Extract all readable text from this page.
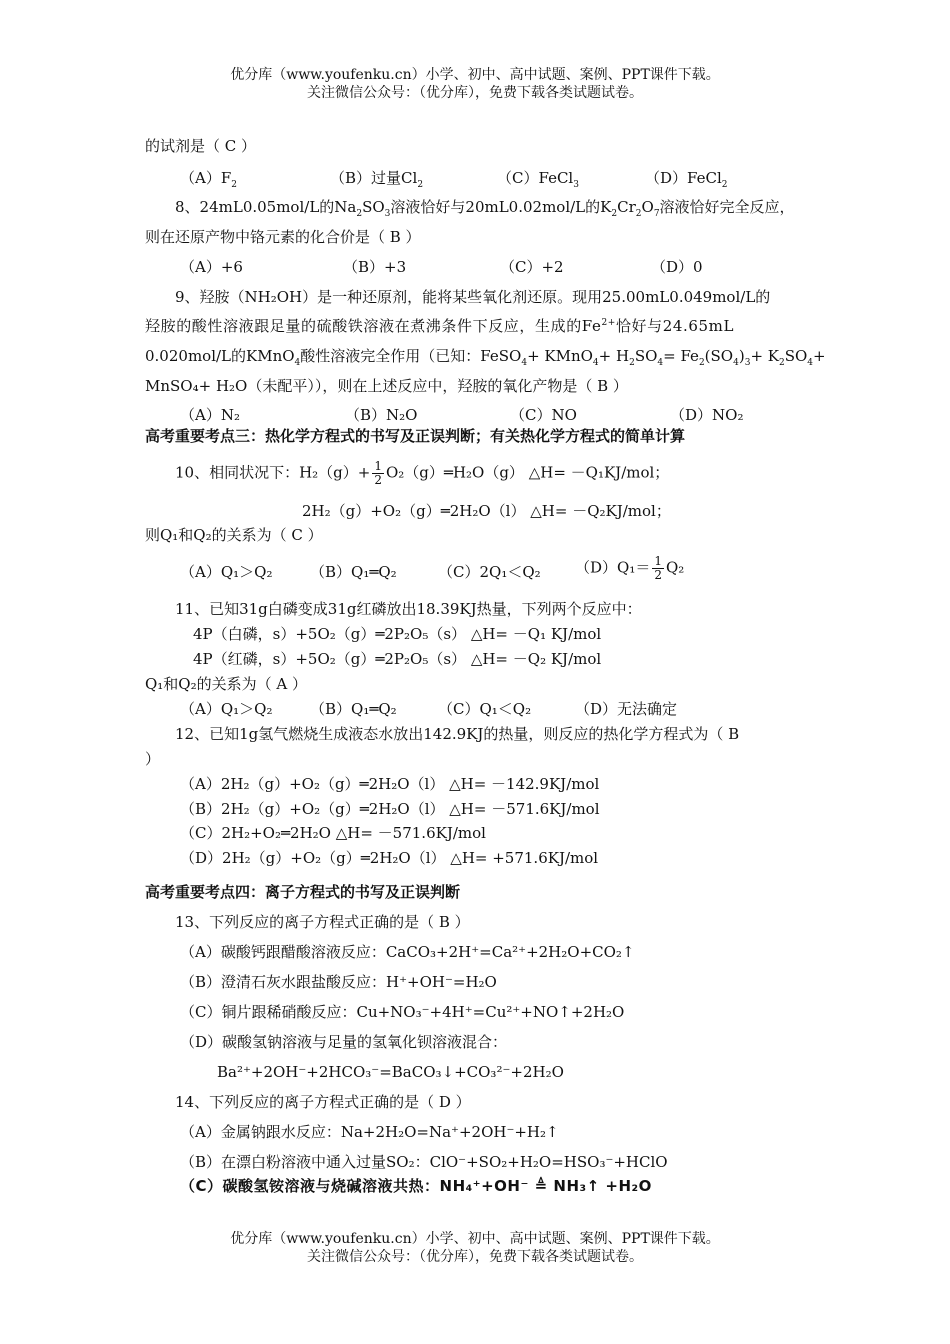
优分库（www.youfenku.cn）小学、初中、高中试题、案例、PPT课件下载。
关注微信公众号：（优分库），免费下载各类试题试卷。
的试剂是（ C ）
$(A)F_2$	（B）过量$Cl_2$	（C）FeCl$_3$	（D）FeCl$_2$
8、24mL0.05mol/L的$Na_2SO_3$溶液恰好与20mL0.02mol/L的$K_2Cr_2O_7$溶液恰好完全反应，
则在还原产物中铬元素的化合价是（ B ）
（A）+6	（B）+3	（C）+2	（D）0
9、羟胺（NH₂OH）是一种还原剂，能将某些氧化剂还原。现用25.00mL0.049mol/L的
羟胺的酸性溶液跟足量的硫酸铁溶液在煮沸条件下反应，生成的$Fe^{2+}$恰好与24.65mL
0.020mol/L的KMnO$_4$酸性溶液完全作用（已知：FeSO$_4$+ KMnO$_4$+ $H_2SO_4= Fe_2(SO_4)_3+ K_2SO_4+$
MnSO₄+ H₂O（未配平）），则在上述反应中，羟胺的氧化产物是（ B ）
（A）N₂	（B）N₂O	（C）NO	（D）NO₂
高考重要考点三：热化学方程式的书写及正误判断；有关热化学方程式的简单计算
10、相同状况下：$H_2(g)+ \frac{1}{2}$ O₂（g）═H₂O（g） △H= －Q₁KJ/mol；
2H₂（g）+O₂（g）═2H₂O（l） △H= －Q₂KJ/mol；
则Q₁和Q₂的关系为（ C ）
（A）Q₁＞Q₂	（B）Q₁═Q₂	（C）2Q₁＜Q₂ $(D)Q_1= \frac{1}{2} Q_2$
11、已知31g白磷变成31g红磷放出18.39KJ热量，下列两个反应中：
4P（白磷，s）+5O₂（g）═2P₂O₅（s） △H= －Q₁ KJ/mol
4P（红磷，s）+5O₂（g）═2P₂O₅（s） △H= －Q₂ KJ/mol
Q₁和Q₂的关系为（ A ）
（A）Q₁＞Q₂	（B）Q₁═Q₂	（C）Q₁＜Q₂	（D）无法确定
12、已知1g氢气燃烧生成液态水放出142.9KJ的热量，则反应的热化学方程式为（ B
）
（A）2H₂（g）+O₂（g）═2H₂O（l） △H= －142.9KJ/mol
（B）2H₂（g）+O₂（g）═2H₂O（l） △H= －571.6KJ/mol
（C）2H₂+O₂═2H₂O △H= －571.6KJ/mol
（D）2H₂（g）+O₂（g）═2H₂O（l） △H= +571.6KJ/mol
高考重要考点四：离子方程式的书写及正误判断
13、下列反应的离子方程式正确的是（ B ）
（A）碳酸钙跟醋酸溶液反应：CaCO₃+2H⁺=Ca²⁺+2H₂O+CO₂↑
（B）澄清石灰水跟盐酸反应：H⁺+OH⁻=H₂O
（C）铜片跟稀硝酸反应：Cu+NO₃⁻+4H⁺=Cu²⁺+NO↑+2H₂O
（D）碳酸氢钠溶液与足量的氢氧化钡溶液混合：
Ba²⁺+2OH⁻+2HCO₃⁻=BaCO₃↓+CO₃²⁻+2H₂O
14、下列反应的离子方程式正确的是（ D ）
（A）金属钠跟水反应：Na+2H₂O=Na⁺+2OH⁻+H₂↑
（B）在漂白粉溶液中通入过量SO₂：ClO⁻+SO₂+H₂O=HSO₃⁻+HClO
（C）碳酸氢铵溶液与烧碱溶液共热：NH₄⁺+OH⁻ ≜ NH₃↑ +H₂O
优分库（www.youfenku.cn）小学、初中、高中试题、案例、PPT课件下载。
关注微信公众号：（优分库），免费下载各类试题试卷。
